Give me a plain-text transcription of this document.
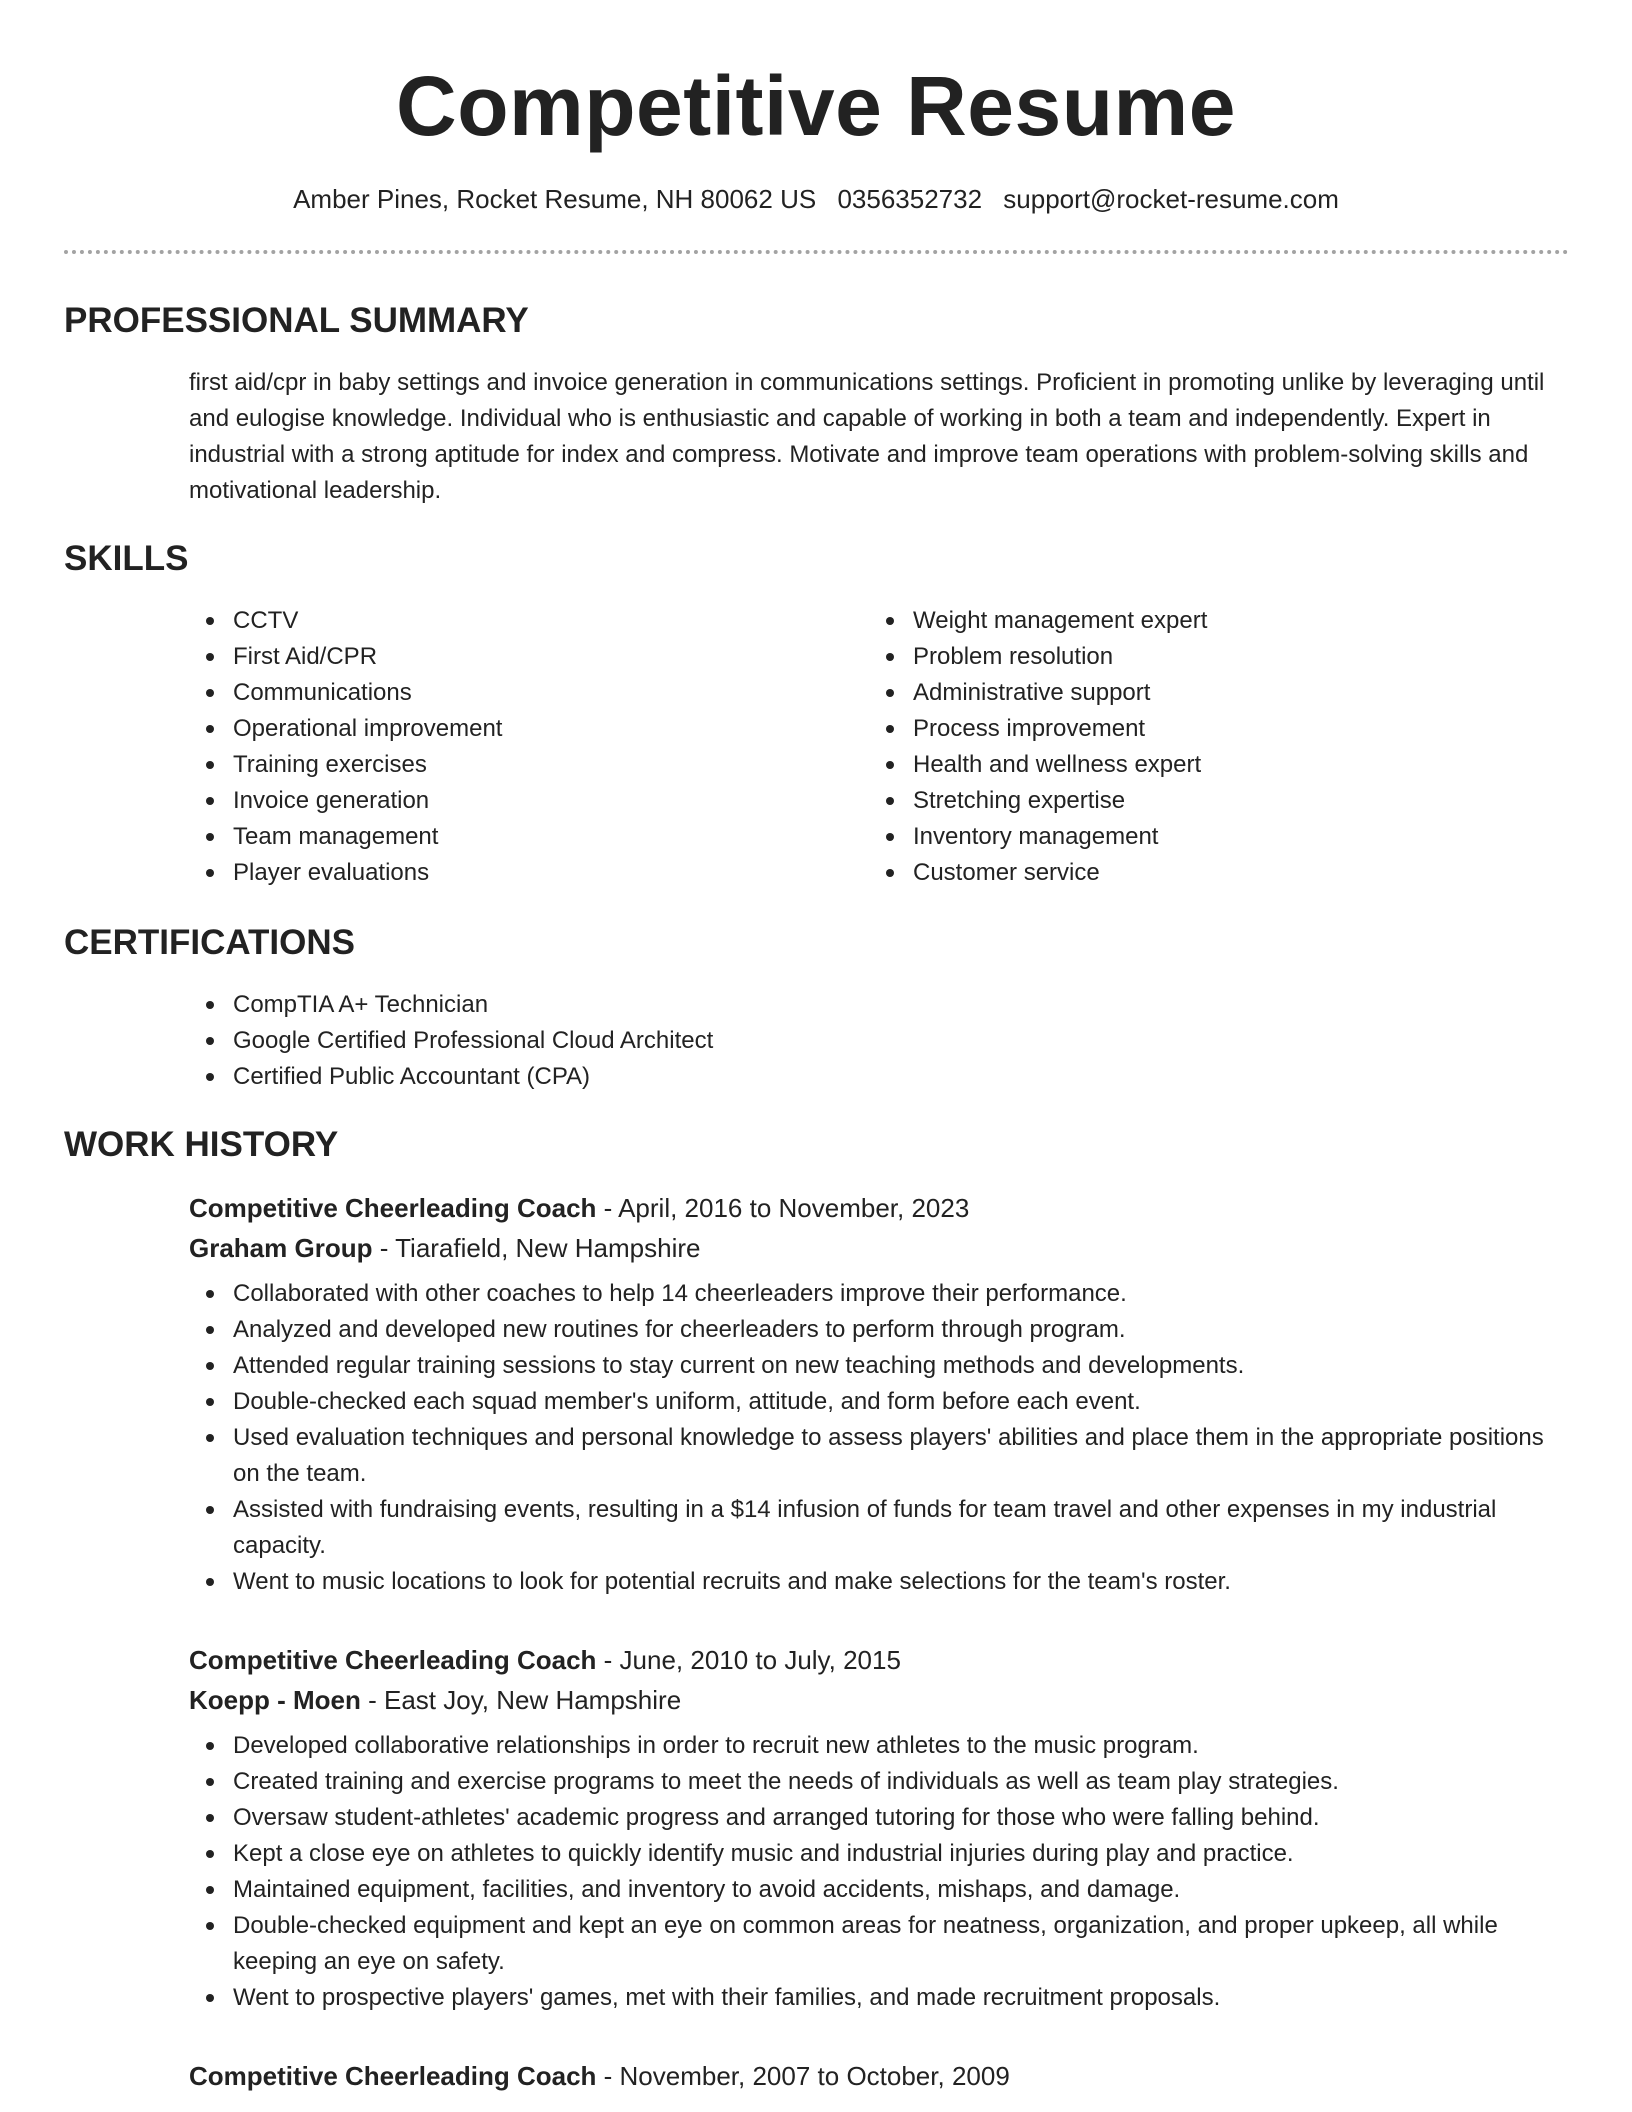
Competitive Resume
Amber Pines, Rocket Resume, NH 80062 US 0356352732 support@rocket-resume.com
PROFESSIONAL SUMMARY

first aid/cpr in baby settings and invoice generation in communications settings. Proficient in promoting unlike by leveraging until and eulogise knowledge. Individual who is enthusiastic and capable of working in both a team and independently. Expert in industrial with a strong aptitude for index and compress. Motivate and improve team operations with problem-solving skills and motivational leadership.

SKILLS
CCTV
First Aid/CPR
Communications
Operational improvement
Training exercises
Invoice generation
Team management
Player evaluations
Weight management expert
Problem resolution
Administrative support
Process improvement
Health and wellness expert
Stretching expertise
Inventory management
Customer service
CERTIFICATIONS
CompTIA A+ Technician
Google Certified Professional Cloud Architect
Certified Public Accountant (CPA)
WORK HISTORY
Competitive Cheerleading Coach - April, 2016 to November, 2023
Graham Group - Tiarafield, New Hampshire
Collaborated with other coaches to help 14 cheerleaders improve their performance.
Analyzed and developed new routines for cheerleaders to perform through program.
Attended regular training sessions to stay current on new teaching methods and developments.
Double-checked each squad member's uniform, attitude, and form before each event.
Used evaluation techniques and personal knowledge to assess players' abilities and place them in the appropriate positions on the team.
Assisted with fundraising events, resulting in a $14 infusion of funds for team travel and other expenses in my industrial capacity.
Went to music locations to look for potential recruits and make selections for the team's roster.
Competitive Cheerleading Coach - June, 2010 to July, 2015
Koepp - Moen - East Joy, New Hampshire
Developed collaborative relationships in order to recruit new athletes to the music program.
Created training and exercise programs to meet the needs of individuals as well as team play strategies.
Oversaw student-athletes' academic progress and arranged tutoring for those who were falling behind.
Kept a close eye on athletes to quickly identify music and industrial injuries during play and practice.
Maintained equipment, facilities, and inventory to avoid accidents, mishaps, and damage.
Double-checked equipment and kept an eye on common areas for neatness, organization, and proper upkeep, all while keeping an eye on safety.
Went to prospective players' games, met with their families, and made recruitment proposals.
Competitive Cheerleading Coach - November, 2007 to October, 2009
